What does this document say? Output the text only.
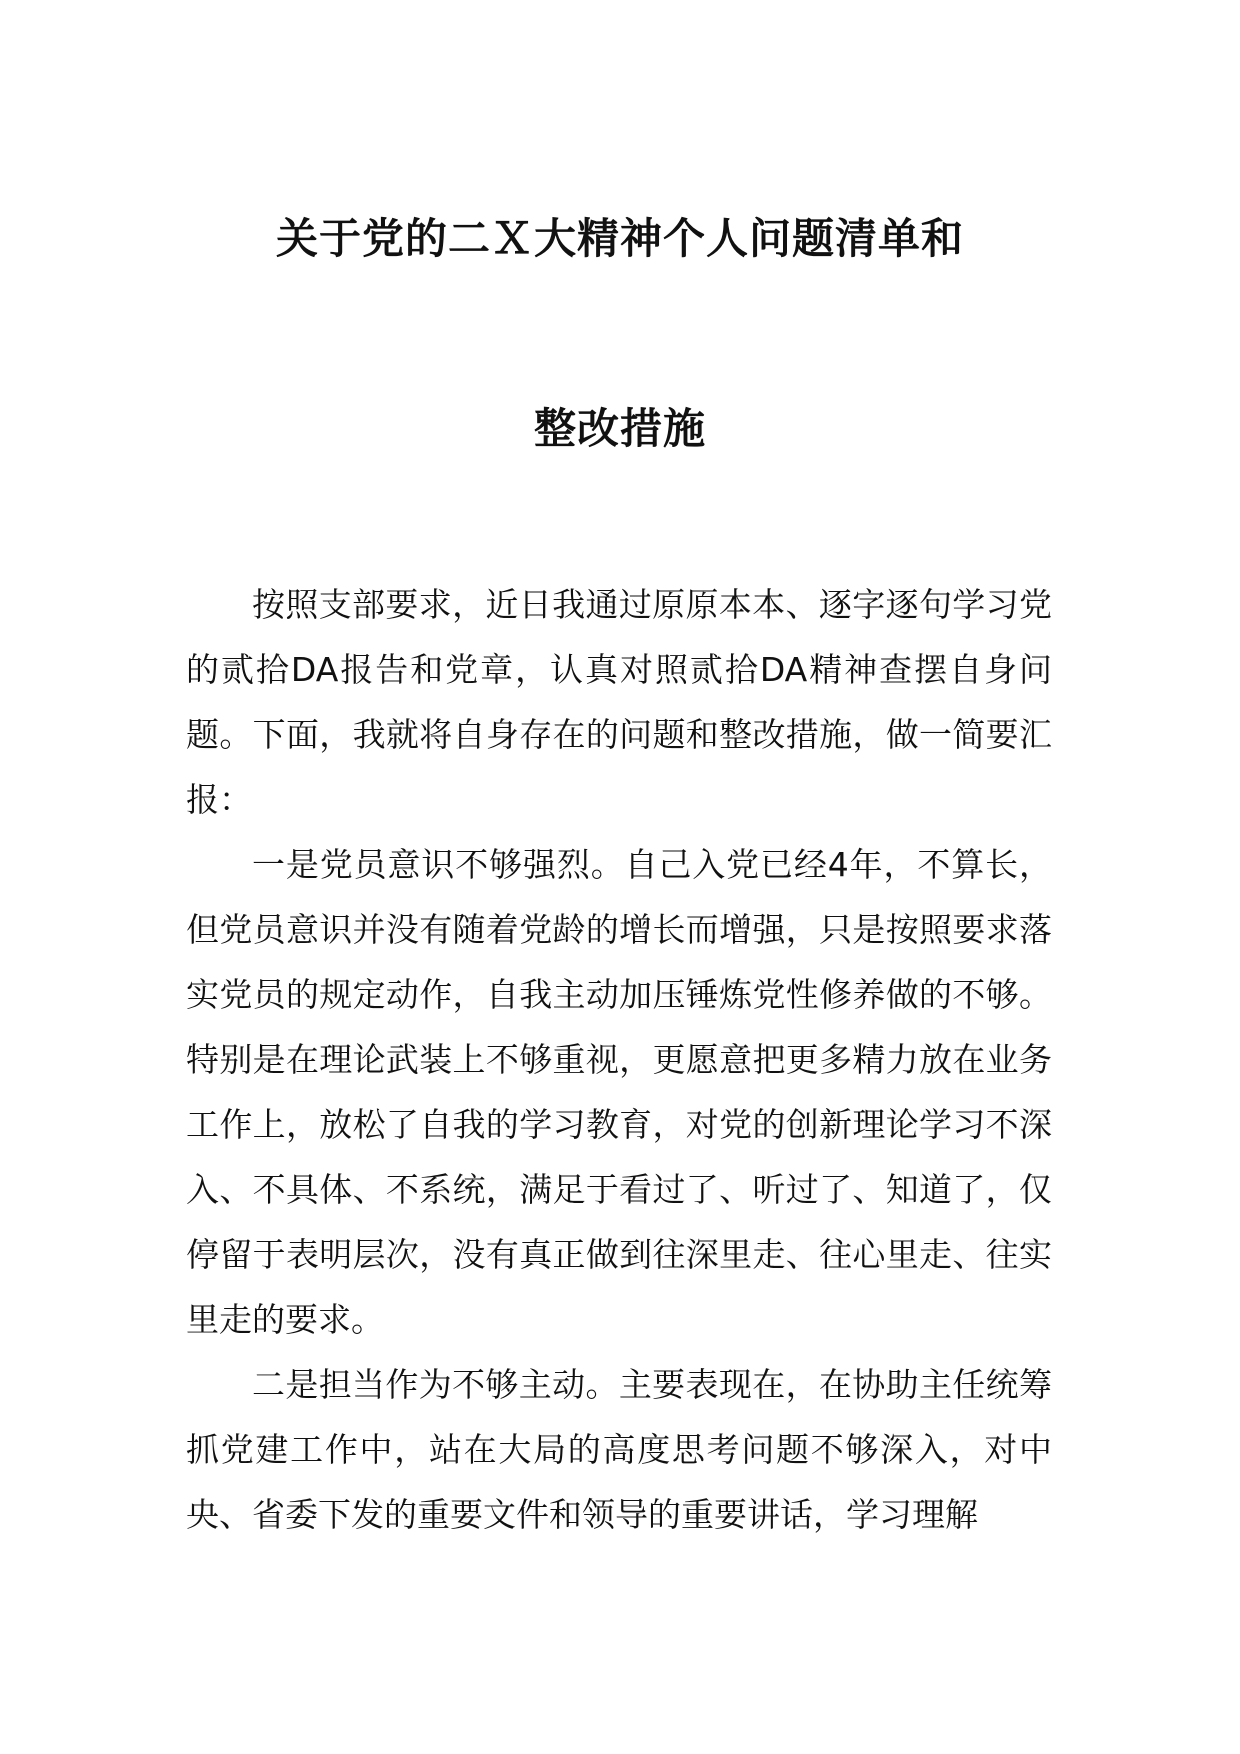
关于党的二Ｘ大精神个人问题清单和
整改措施

按照支部要求，近日我通过原原本本、逐字逐句学习党的贰拾DA报告和党章，认真对照贰拾DA精神查摆自身问题。下面，我就将自身存在的问题和整改措施，做一简要汇报：

一是党员意识不够强烈。自己入党已经4年，不算长，但党员意识并没有随着党龄的增长而增强，只是按照要求落实党员的规定动作，自我主动加压锤炼党性修养做的不够。特别是在理论武装上不够重视，更愿意把更多精力放在业务工作上，放松了自我的学习教育，对党的创新理论学习不深入、不具体、不系统，满足于看过了、听过了、知道了，仅停留于表明层次，没有真正做到往深里走、往心里走、往实里走的要求。

二是担当作为不够主动。主要表现在，在协助主任统筹抓党建工作中，站在大局的高度思考问题不够深入，对中央、省委下发的重要文件和领导的重要讲话，学习理解
